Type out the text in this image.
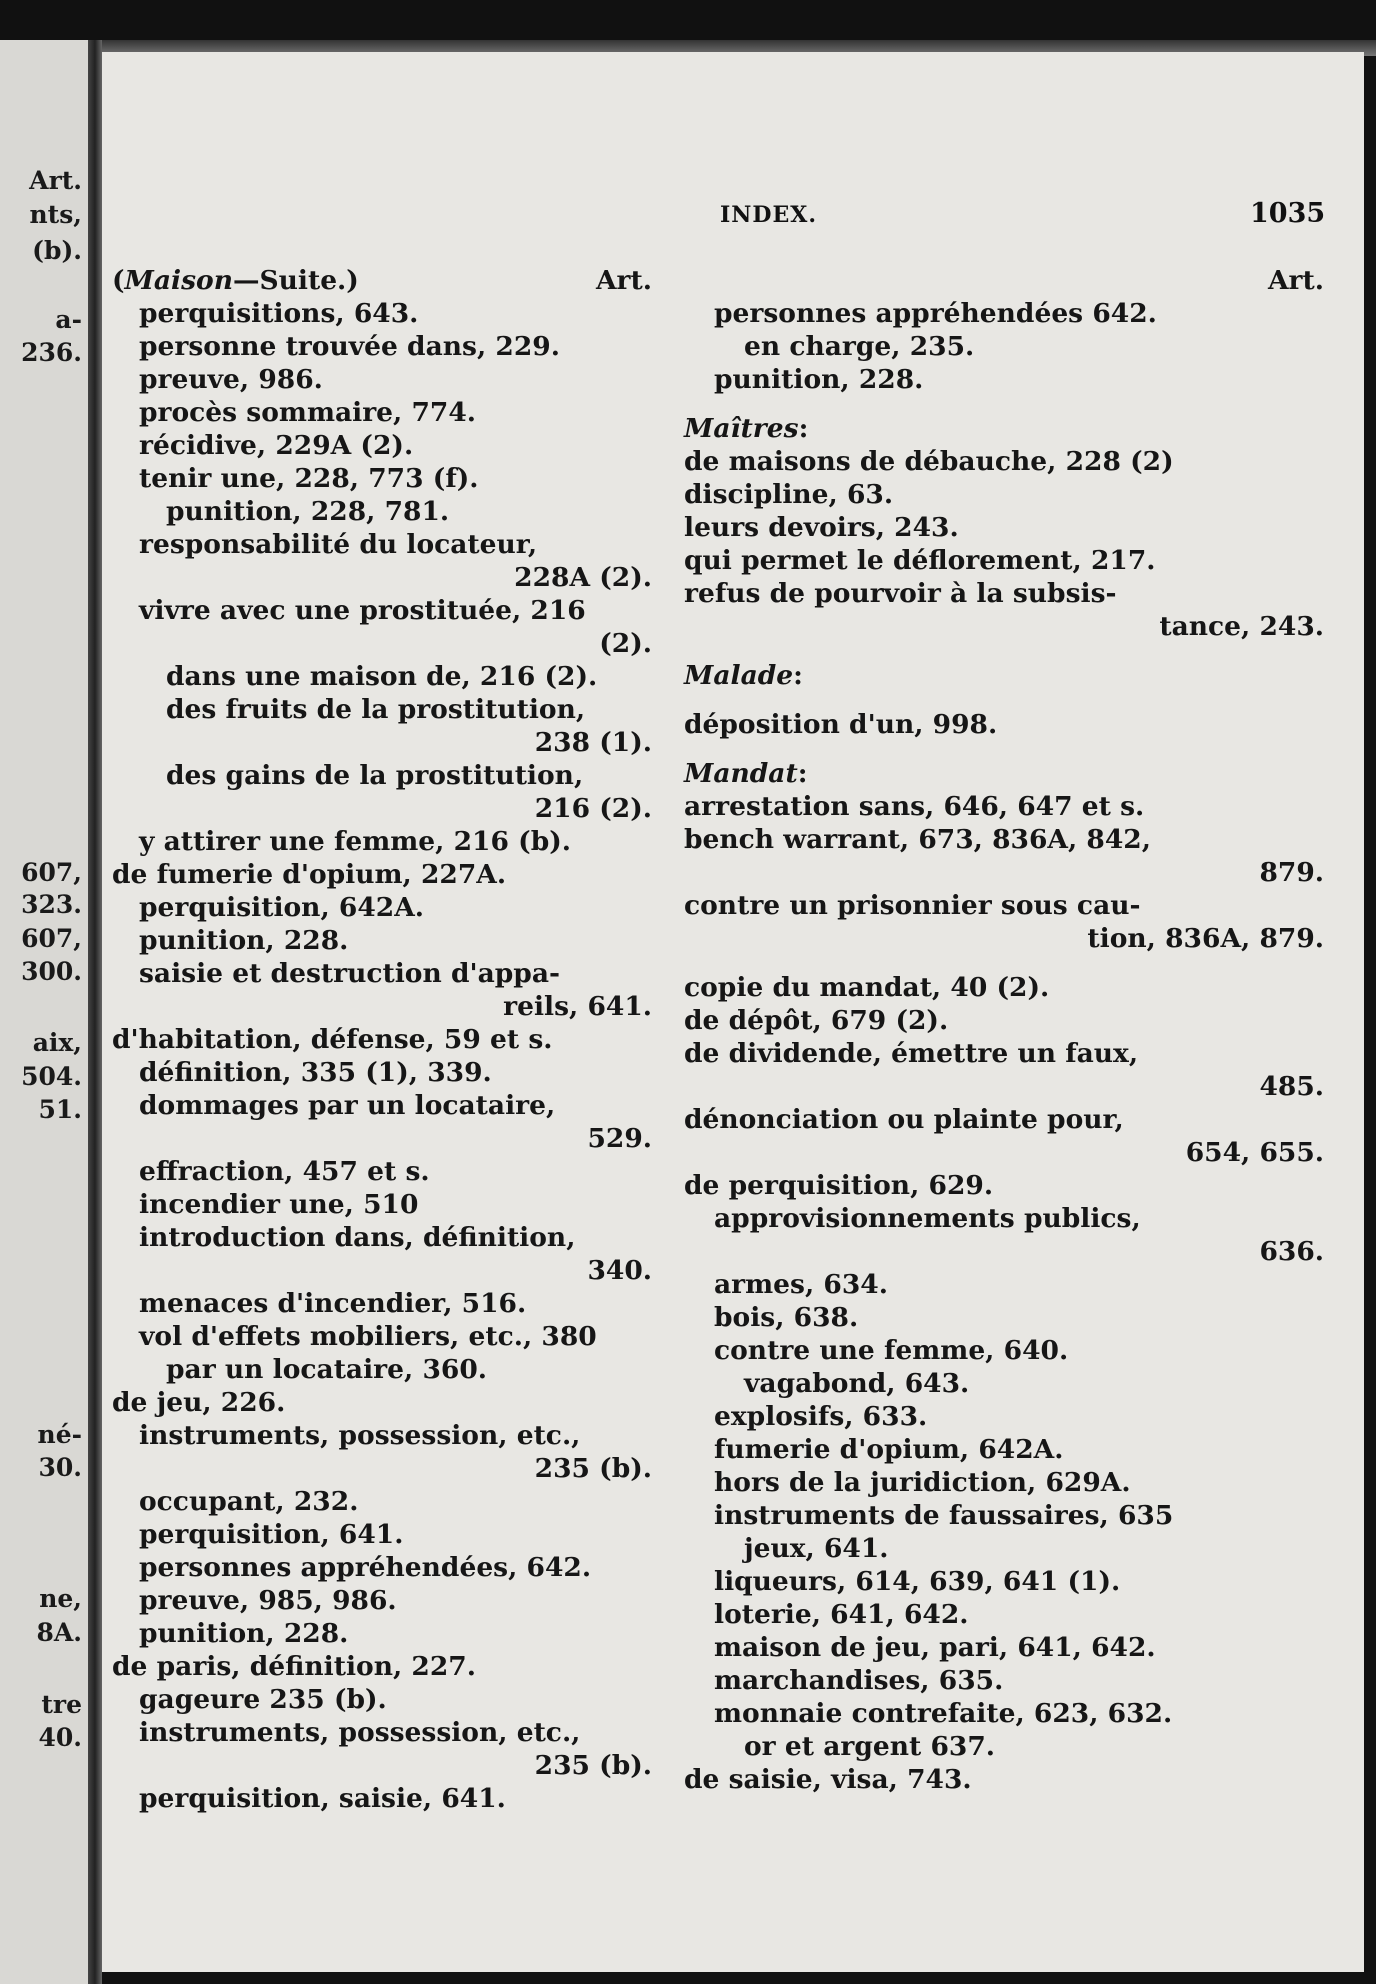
Art.
nts,
(b).
a-
236.
607,
323.
607,
300.
aix,
504.
51.
né-
30.
ne,
8A.
tre
40.
INDEX.	1035
(Maison—Suite.)	Art.
perquisitions, 643.
personne trouvée dans, 229.
preuve, 986.
procès sommaire, 774.
récidive, 229A (2).
tenir une, 228, 773 (f).
punition, 228, 781.
responsabilité du locateur,
228A (2).
vivre avec une prostituée, 216
(2).
dans une maison de, 216 (2).
des fruits de la prostitution,
238 (1).
des gains de la prostitution,
216 (2).
y attirer une femme, 216 (b).
de fumerie d'opium, 227A.
perquisition, 642A.
punition, 228.
saisie et destruction d'appa-
reils, 641.
d'habitation, défense, 59 et s.
définition, 335 (1), 339.
dommages par un locataire,
529.
effraction, 457 et s.
incendier une, 510
introduction dans, définition,
340.
menaces d'incendier, 516.
vol d'effets mobiliers, etc., 380
par un locataire, 360.
de jeu, 226.
instruments, possession, etc.,
235 (b).
occupant, 232.
perquisition, 641.
personnes appréhendées, 642.
preuve, 985, 986.
punition, 228.
de paris, définition, 227.
gageure 235 (b).
instruments, possession, etc.,
235 (b).
perquisition, saisie, 641.
Art.
personnes appréhendées 642.
en charge, 235.
punition, 228.
Maîtres:
de maisons de débauche, 228 (2)
discipline, 63.
leurs devoirs, 243.
qui permet le déflorement, 217.
refus de pourvoir à la subsis-
tance, 243.
Malade:
déposition d'un, 998.
Mandat:
arrestation sans, 646, 647 et s.
bench warrant, 673, 836A, 842,
879.
contre un prisonnier sous cau-
tion, 836A, 879.
copie du mandat, 40 (2).
de dépôt, 679 (2).
de dividende, émettre un faux,
485.
dénonciation ou plainte pour,
654, 655.
de perquisition, 629.
approvisionnements publics,
636.
armes, 634.
bois, 638.
contre une femme, 640.
vagabond, 643.
explosifs, 633.
fumerie d'opium, 642A.
hors de la juridiction, 629A.
instruments de faussaires, 635
jeux, 641.
liqueurs, 614, 639, 641 (1).
loterie, 641, 642.
maison de jeu, pari, 641, 642.
marchandises, 635.
monnaie contrefaite, 623, 632.
or et argent 637.
de saisie, visa, 743.
